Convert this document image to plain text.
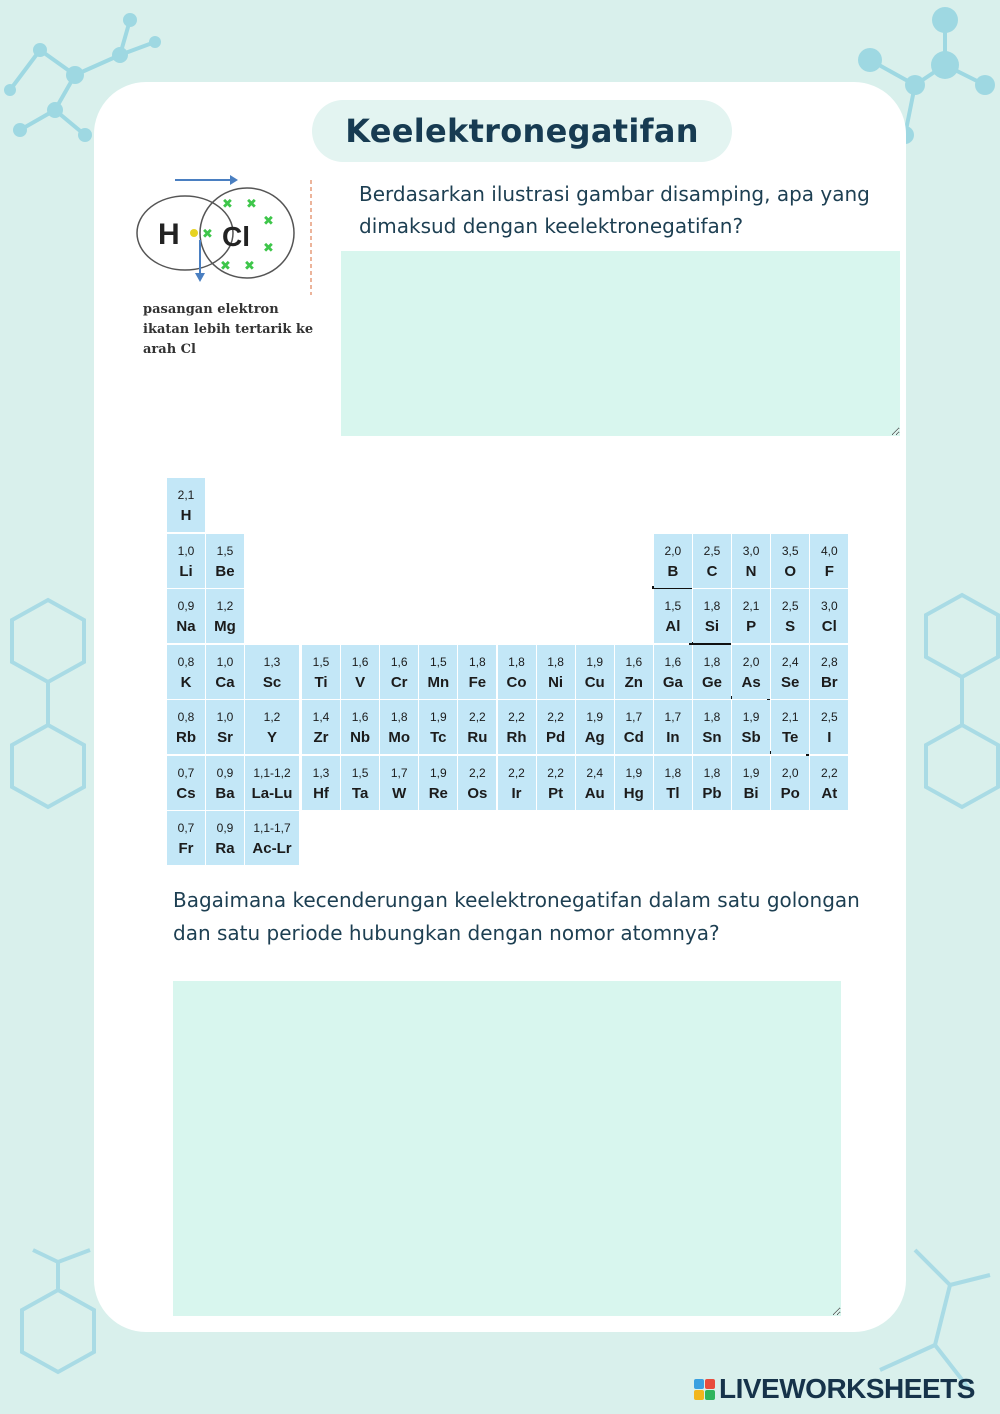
Keelektronegatifan
H Cl
✖
✖ ✖
✖
✖
✖ ✖
pasangan elektron ikatan lebih tertarik ke arah Cl
Berdasarkan ilustrasi gambar disamping, apa yang dimaksud dengan keelektronegatifan?
2,1
H
1,0
Li
1,5
Be
2,0
B
2,5
C
3,0
N
3,5
O
4,0
F
0,9
Na
1,2
Mg
1,5
Al
1,8
Si
2,1
P
2,5
S
3,0
Cl
0,8
K
1,0
Ca
1,3
Sc
1,5
Ti
1,6
V
1,6
Cr
1,5
Mn
1,8
Fe
1,8
Co
1,8
Ni
1,9
Cu
1,6
Zn
1,6
Ga
1,8
Ge
2,0
As
2,4
Se
2,8
Br
0,8
Rb
1,0
Sr
1,2
Y
1,4
Zr
1,6
Nb
1,8
Mo
1,9
Tc
2,2
Ru
2,2
Rh
2,2
Pd
1,9
Ag
1,7
Cd
1,7
In
1,8
Sn
1,9
Sb
2,1
Te
2,5
I
0,7
Cs
0,9
Ba
1,1-1,2
La-Lu
1,3
Hf
1,5
Ta
1,7
W
1,9
Re
2,2
Os
2,2
Ir
2,2
Pt
2,4
Au
1,9
Hg
1,8
Tl
1,8
Pb
1,9
Bi
2,0
Po
2,2
At
0,7
Fr
0,9
Ra
1,1-1,7
Ac-Lr
Bagaimana kecenderungan keelektronegatifan dalam satu golongan dan satu periode hubungkan dengan nomor atomnya?
LIVEWORKSHEETS
